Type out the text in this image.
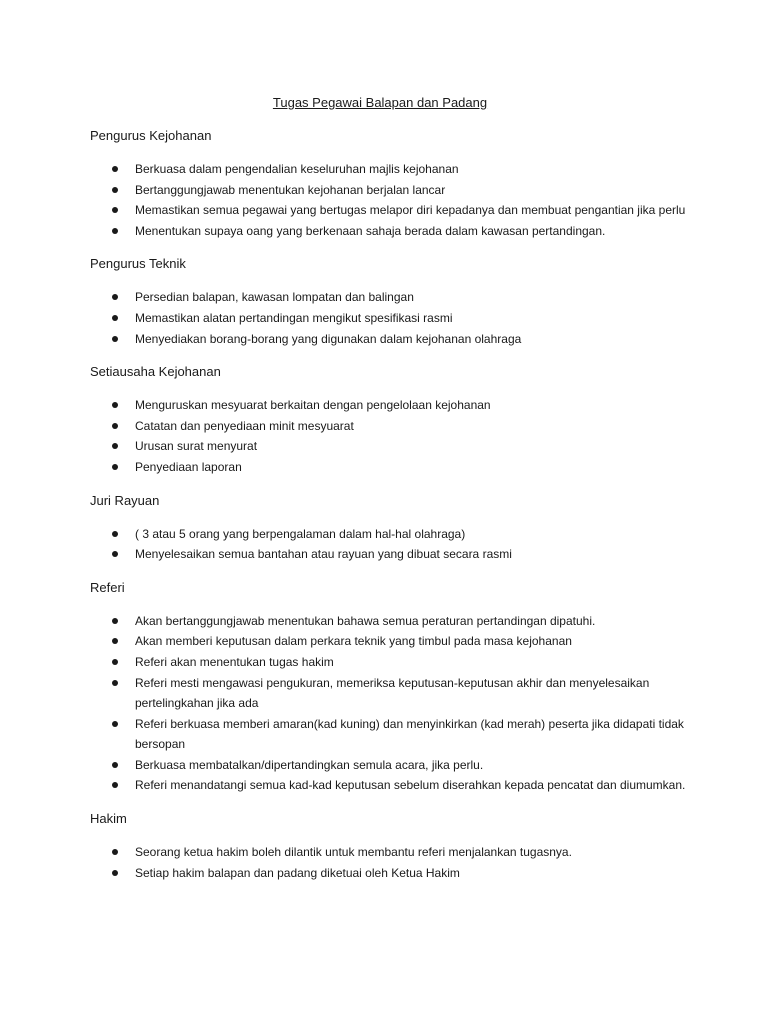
Tugas Pegawai Balapan dan Padang
Pengurus Kejohanan
Berkuasa dalam pengendalian keseluruhan majlis kejohanan
Bertanggungjawab menentukan kejohanan berjalan lancar
Memastikan semua pegawai yang bertugas melapor diri kepadanya dan membuat pengantian jika perlu
Menentukan supaya oang yang berkenaan sahaja berada dalam kawasan pertandingan.
Pengurus Teknik
Persedian balapan, kawasan lompatan dan balingan
Memastikan alatan pertandingan mengikut spesifikasi rasmi
Menyediakan borang-borang yang digunakan dalam kejohanan olahraga
Setiausaha Kejohanan
Menguruskan mesyuarat berkaitan dengan pengelolaan kejohanan
Catatan dan penyediaan minit mesyuarat
Urusan surat menyurat
Penyediaan laporan
Juri Rayuan
( 3 atau 5 orang yang berpengalaman dalam hal-hal olahraga)
Menyelesaikan semua bantahan atau rayuan yang dibuat secara rasmi
Referi
Akan bertanggungjawab menentukan bahawa semua peraturan pertandingan dipatuhi.
Akan memberi keputusan dalam perkara teknik yang timbul pada masa kejohanan
Referi akan menentukan tugas hakim
Referi mesti mengawasi pengukuran, memeriksa keputusan-keputusan akhir dan menyelesaikan pertelingkahan jika ada
Referi berkuasa memberi amaran(kad kuning) dan menyinkirkan (kad merah) peserta jika didapati tidak bersopan
Berkuasa membatalkan/dipertandingkan semula acara, jika perlu.
Referi menandatangi semua kad-kad keputusan sebelum diserahkan kepada pencatat dan diumumkan.
Hakim
Seorang ketua hakim boleh dilantik untuk membantu referi menjalankan tugasnya.
Setiap hakim balapan dan padang diketuai oleh Ketua Hakim
